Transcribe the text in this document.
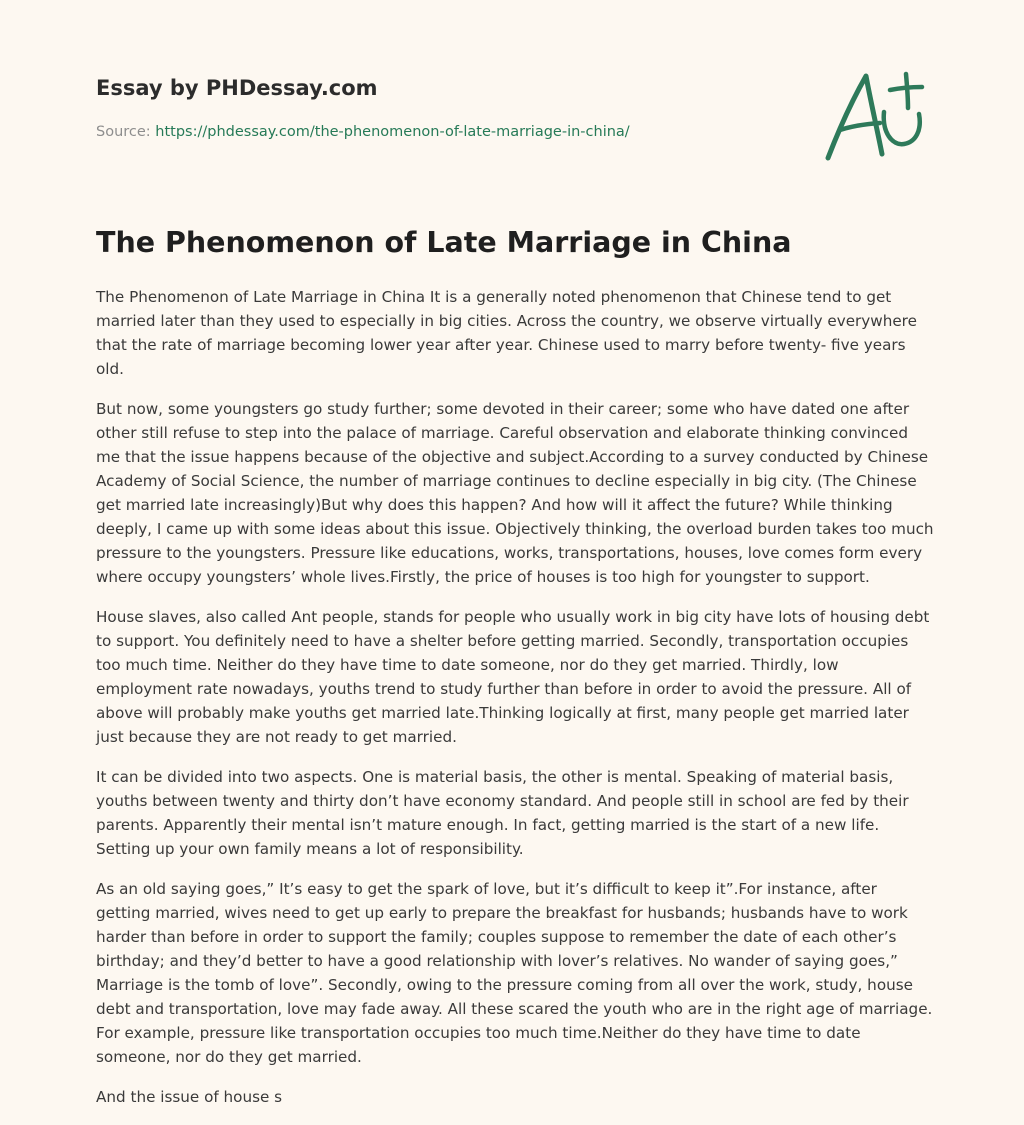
Essay by PHDessay.com
Source: https://phdessay.com/the-phenomenon-of-late-marriage-in-china/
The Phenomenon of Late Marriage in China

The Phenomenon of Late Marriage in China It is a generally noted phenomenon that Chinese tend to get married later than they used to especially in big cities. Across the country, we observe virtually everywhere that the rate of marriage becoming lower year after year. Chinese used to marry before twenty- five years old.

But now, some youngsters go study further; some devoted in their career; some who have dated one after other still refuse to step into the palace of marriage. Careful observation and elaborate thinking convinced me that the issue happens because of the objective and subject.According to a survey conducted by Chinese Academy of Social Science, the number of marriage continues to decline especially in big city. (The Chinese get married late increasingly)But why does this happen? And how will it affect the future? While thinking deeply, I came up with some ideas about this issue. Objectively thinking, the overload burden takes too much pressure to the youngsters. Pressure like educations, works, transportations, houses, love comes form every where occupy youngsters’ whole lives.Firstly, the price of houses is too high for youngster to support.

House slaves, also called Ant people, stands for people who usually work in big city have lots of housing debt to support. You definitely need to have a shelter before getting married. Secondly, transportation occupies too much time. Neither do they have time to date someone, nor do they get married. Thirdly, low employment rate nowadays, youths trend to study further than before in order to avoid the pressure. All of above will probably make youths get married late.Thinking logically at first, many people get married later just because they are not ready to get married.

It can be divided into two aspects. One is material basis, the other is mental. Speaking of material basis, youths between twenty and thirty don’t have economy standard. And people still in school are fed by their parents. Apparently their mental isn’t mature enough. In fact, getting married is the start of a new life. Setting up your own family means a lot of responsibility.

As an old saying goes,” It’s easy to get the spark of love, but it’s difficult to keep it”.For instance, after getting married, wives need to get up early to prepare the breakfast for husbands; husbands have to work harder than before in order to support the family; couples suppose to remember the date of each other’s birthday; and they’d better to have a good relationship with lover’s relatives. No wander of saying goes,” Marriage is the tomb of love”. Secondly, owing to the pressure coming from all over the work, study, house debt and transportation, love may fade away. All these scared the youth who are in the right age of marriage. For example, pressure like transportation occupies too much time.Neither do they have time to date someone, nor do they get married.

And the issue of house s
